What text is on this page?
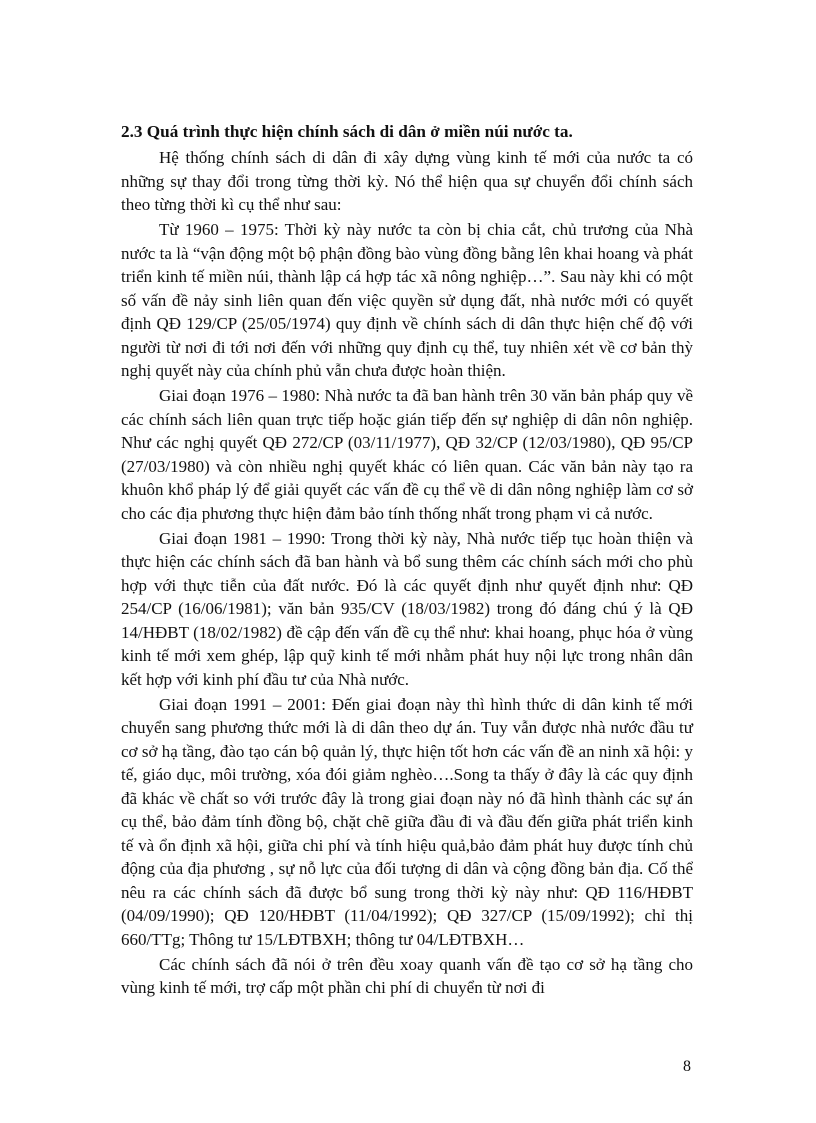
2.3 Quá trình thực hiện chính sách di dân ở miền núi nước ta.

Hệ thống chính sách di dân đi xây dựng vùng kinh tế mới của nước ta có những sự thay đổi trong từng thời kỳ. Nó thể hiện qua sự chuyển đổi chính sách theo từng thời kì cụ thể như sau:

Từ 1960 – 1975: Thời kỳ này nước ta còn bị chia cắt, chủ trương của Nhà nước ta là “vận động một bộ phận đồng bào vùng đồng bằng lên khai hoang và phát triển kinh tế miền núi, thành lập cá hợp tác xã nông nghiệp…”. Sau này khi có một số vấn đề nảy sinh liên quan đến việc quyền sử dụng đất, nhà nước mới có quyết định QĐ 129/CP (25/05/1974) quy định về chính sách di dân thực hiện chế độ với người từ nơi đi tới nơi đến với những quy định cụ thể, tuy nhiên xét về cơ bản thỳ nghị quyết này của chính phủ vẫn chưa được hoàn thiện.

Giai đoạn 1976 – 1980: Nhà nước ta đã ban hành trên 30 văn bản pháp quy về các chính sách liên quan trực tiếp hoặc gián tiếp đến sự nghiệp di dân nôn nghiệp. Như các nghị quyết QĐ 272/CP (03/11/1977), QĐ 32/CP (12/03/1980), QĐ 95/CP (27/03/1980) và còn nhiều nghị quyết khác có liên quan. Các văn bản này tạo ra khuôn khổ pháp lý để giải quyết các vấn đề cụ thể về di dân nông nghiệp làm cơ sở cho các địa phương thực hiện đảm bảo tính thống nhất trong phạm vi cả nước.

Giai đoạn 1981 – 1990: Trong thời kỳ này, Nhà nước tiếp tục hoàn thiện và thực hiện các chính sách đã ban hành và bổ sung thêm các chính sách mới cho phù hợp với thực tiễn của đất nước. Đó là các quyết định như quyết định như: QĐ 254/CP (16/06/1981); văn bản 935/CV (18/03/1982) trong đó đáng chú ý là QĐ 14/HĐBT (18/02/1982) đề cập đến vấn đề cụ thể như: khai hoang, phục hóa ở vùng kinh tế mới xem ghép, lập quỹ kinh tế mới nhằm phát huy nội lực trong nhân dân kết hợp với kinh phí đầu tư của Nhà nước.

Giai đoạn 1991 – 2001: Đến giai đoạn này thì hình thức di dân kinh tế mới chuyển sang phương thức mới là di dân theo dự án. Tuy vẫn được nhà nước đầu tư cơ sở hạ tầng, đào tạo cán bộ quản lý, thực hiện tốt hơn các vấn đề an ninh xã hội: y tế, giáo dục, môi trường, xóa đói giảm nghèo….Song ta thấy ở đây là các quy định đã khác về chất so với trước đây là trong giai đoạn này nó đã hình thành các sự án cụ thể, bảo đảm tính đồng bộ, chặt chẽ giữa đầu đi và đầu đến giữa phát triển kinh tế và ổn định xã hội, giữa chi phí và tính hiệu quả,bảo đảm phát huy được tính chủ động của địa phương , sự nỗ lực của đối tượng di dân và cộng đồng bản địa. Cố thể nêu ra các chính sách đã được bổ sung trong thời kỳ này như: QĐ 116/HĐBT (04/09/1990); QĐ 120/HĐBT (11/04/1992); QĐ 327/CP (15/09/1992); chỉ thị 660/TTg; Thông tư 15/LĐTBXH; thông tư 04/LĐTBXH…

Các chính sách đã nói ở trên đều xoay quanh vấn đề tạo cơ sở hạ tầng cho vùng kinh tế mới, trợ cấp một phần chi phí di chuyển từ nơi đi

8
